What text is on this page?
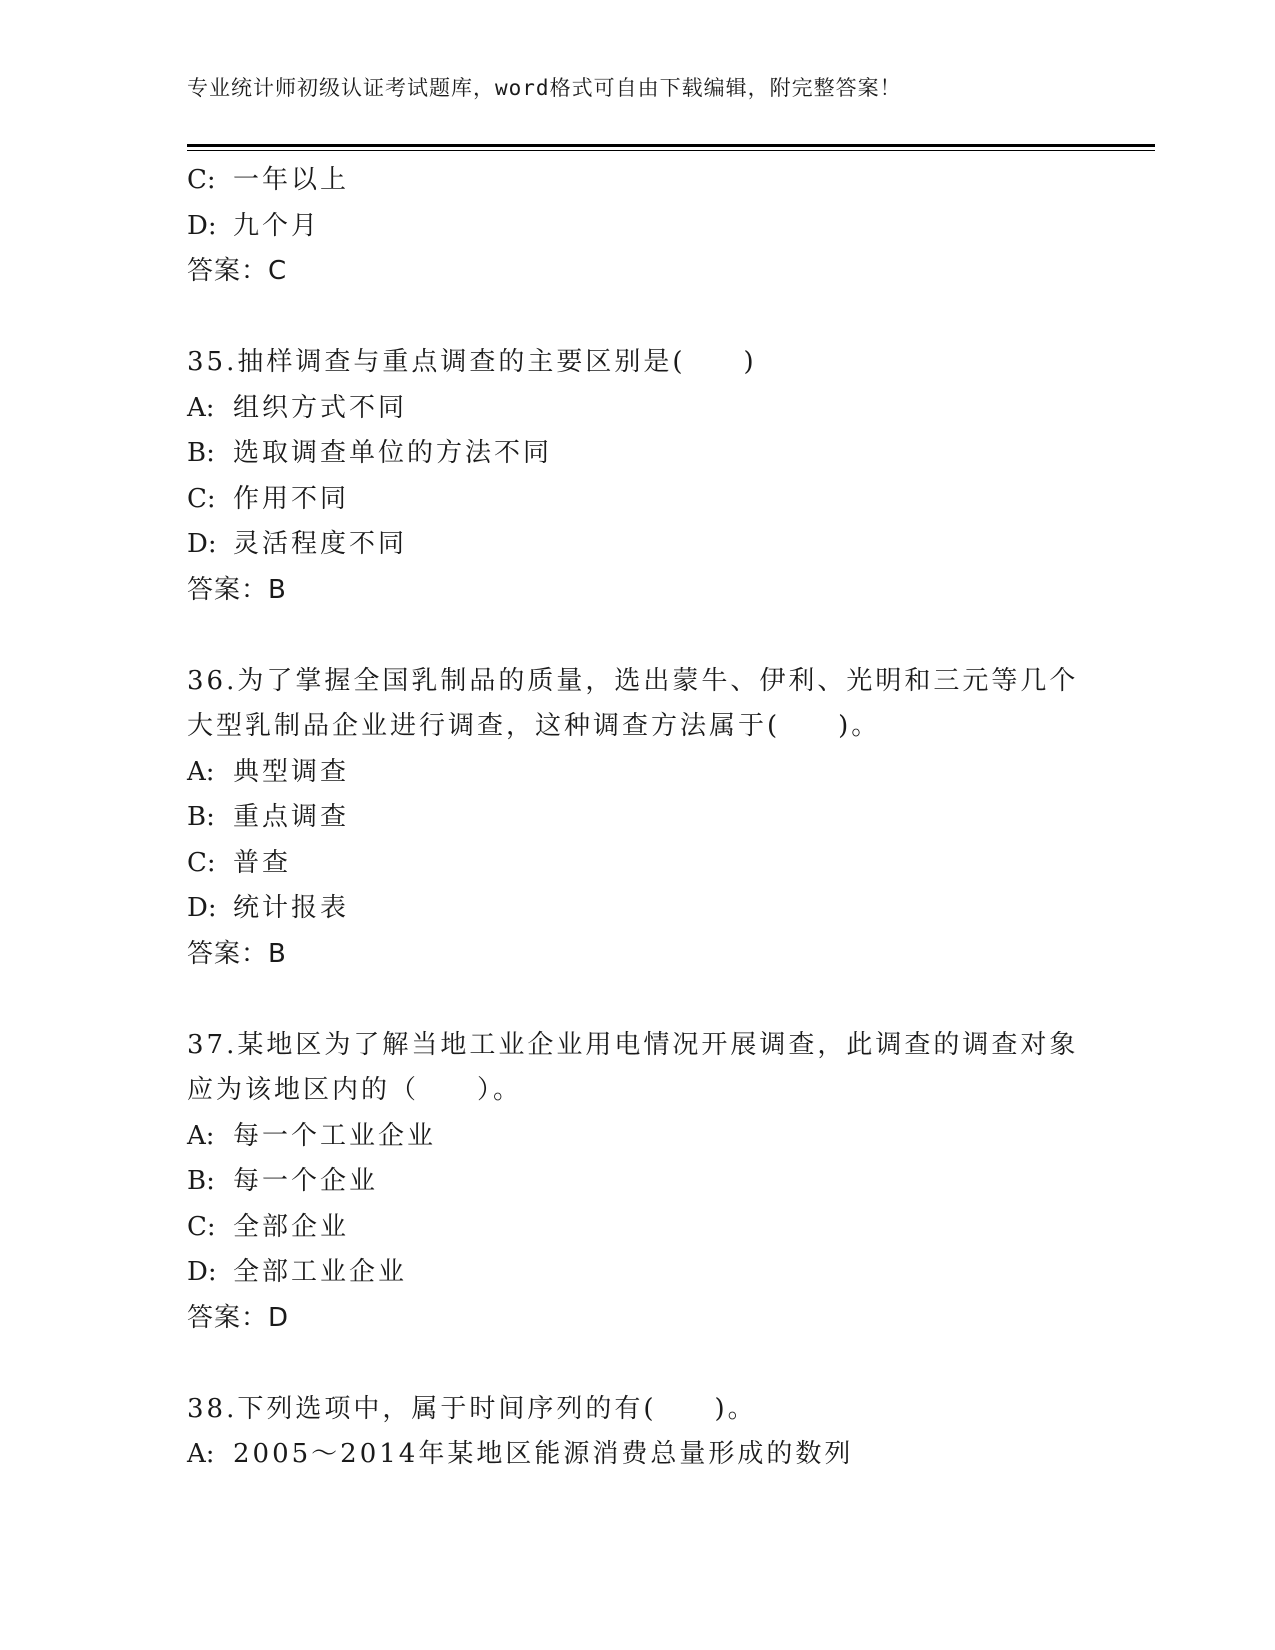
专业统计师初级认证考试题库，word格式可自由下载编辑，附完整答案！
C: 一年以上
D: 九个月
答案：C
35.抽样调查与重点调查的主要区别是(　　)
A: 组织方式不同
B: 选取调查单位的方法不同
C: 作用不同
D: 灵活程度不同
答案：B
36.为了掌握全国乳制品的质量，选出蒙牛、伊利、光明和三元等几个
大型乳制品企业进行调查，这种调查方法属于(　　)。
A: 典型调查
B: 重点调查
C: 普查
D: 统计报表
答案：B
37.某地区为了解当地工业企业用电情况开展调查，此调查的调查对象
应为该地区内的（　　）。
A: 每一个工业企业
B: 每一个企业
C: 全部企业
D: 全部工业企业
答案：D
38.下列选项中，属于时间序列的有(　　)。
A: 2005～2014年某地区能源消费总量形成的数列
